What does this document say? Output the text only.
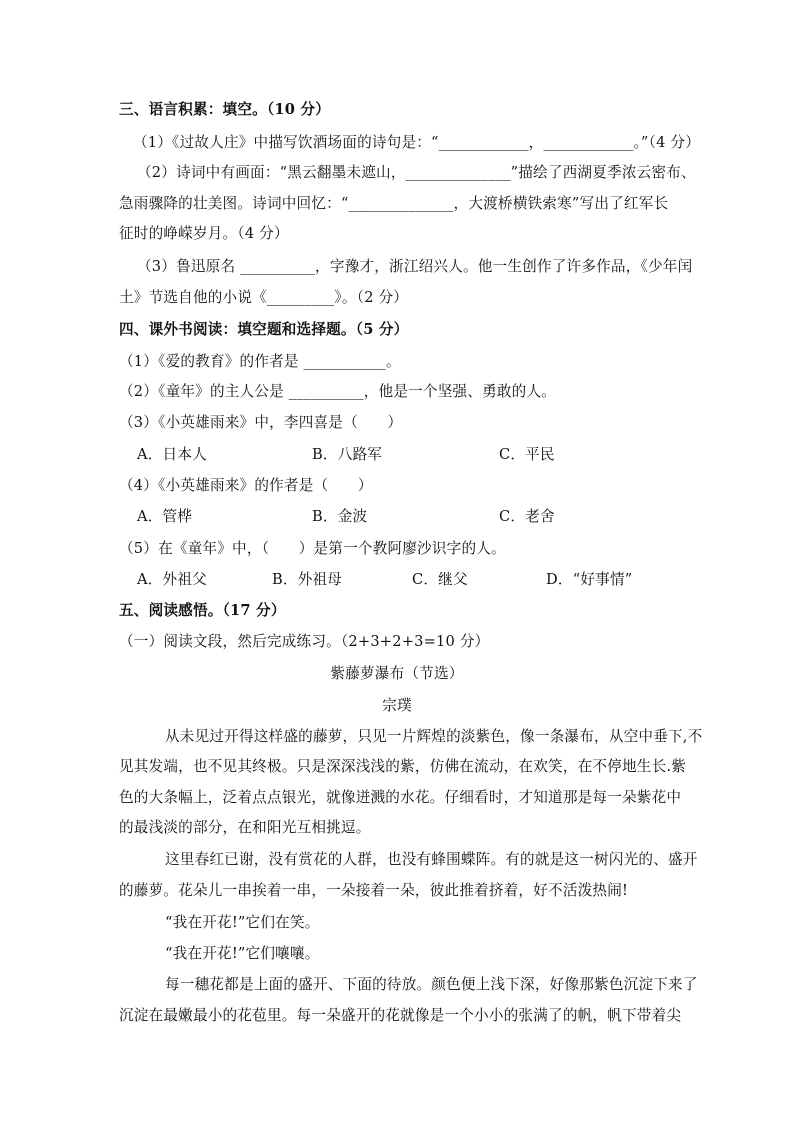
三、语言积累：填空。（10 分）
（1）《过故人庄》中描写饮酒场面的诗句是：“____________，____________。”（4 分）
（2）诗词中有画面：“黑云翻墨未遮山，______________”描绘了西湖夏季浓云密布、
急雨骤降的壮美图。诗词中回忆：“______________，大渡桥横铁索寒”写出了红军长
征时的峥嵘岁月。（4 分）
（3）鲁迅原名 __________，字豫才，浙江绍兴人。他一生创作了许多作品，《少年闰
土》节选自他的小说《_________》。（2 分）
四、课外书阅读：填空题和选择题。（5 分）
（1）《爱的教育》的作者是 ___________。
（2）《童年》的主人公是 __________，他是一个坚强、勇敢的人。
（3）《小英雄雨来》中，李四喜是（　　）
A．日本人	B．八路军	C．平民
（4）《小英雄雨来》的作者是（　　）
A．管桦	B．金波	C．老舍
（5）在《童年》中，（　　）是第一个教阿廖沙识字的人。
A．外祖父	B．外祖母	C．继父	D．“好事情”
五、阅读感悟。（17 分）
（一）阅读文段，然后完成练习。（2+3+2+3=10 分）
紫藤萝瀑布（节选）
宗璞
从未见过开得这样盛的藤萝，只见一片辉煌的淡紫色，像一条瀑布，从空中垂下,不
见其发端，也不见其终极。只是深深浅浅的紫，仿佛在流动，在欢笑，在不停地生长.紫
色的大条幅上，泛着点点银光，就像迸溅的水花。仔细看时，才知道那是每一朵紫花中
的最浅淡的部分，在和阳光互相挑逗。
这里春红已谢，没有赏花的人群，也没有蜂围蝶阵。有的就是这一树闪光的、盛开
的藤萝。花朵儿一串挨着一串，一朵接着一朵，彼此推着挤着，好不活泼热闹!
“我在开花!”它们在笑。
“我在开花!”它们嚷嚷。
每一穗花都是上面的盛开、下面的待放。颜色便上浅下深，好像那紫色沉淀下来了
沉淀在最嫩最小的花苞里。每一朵盛开的花就像是一个小小的张满了的帆，帆下带着尖
